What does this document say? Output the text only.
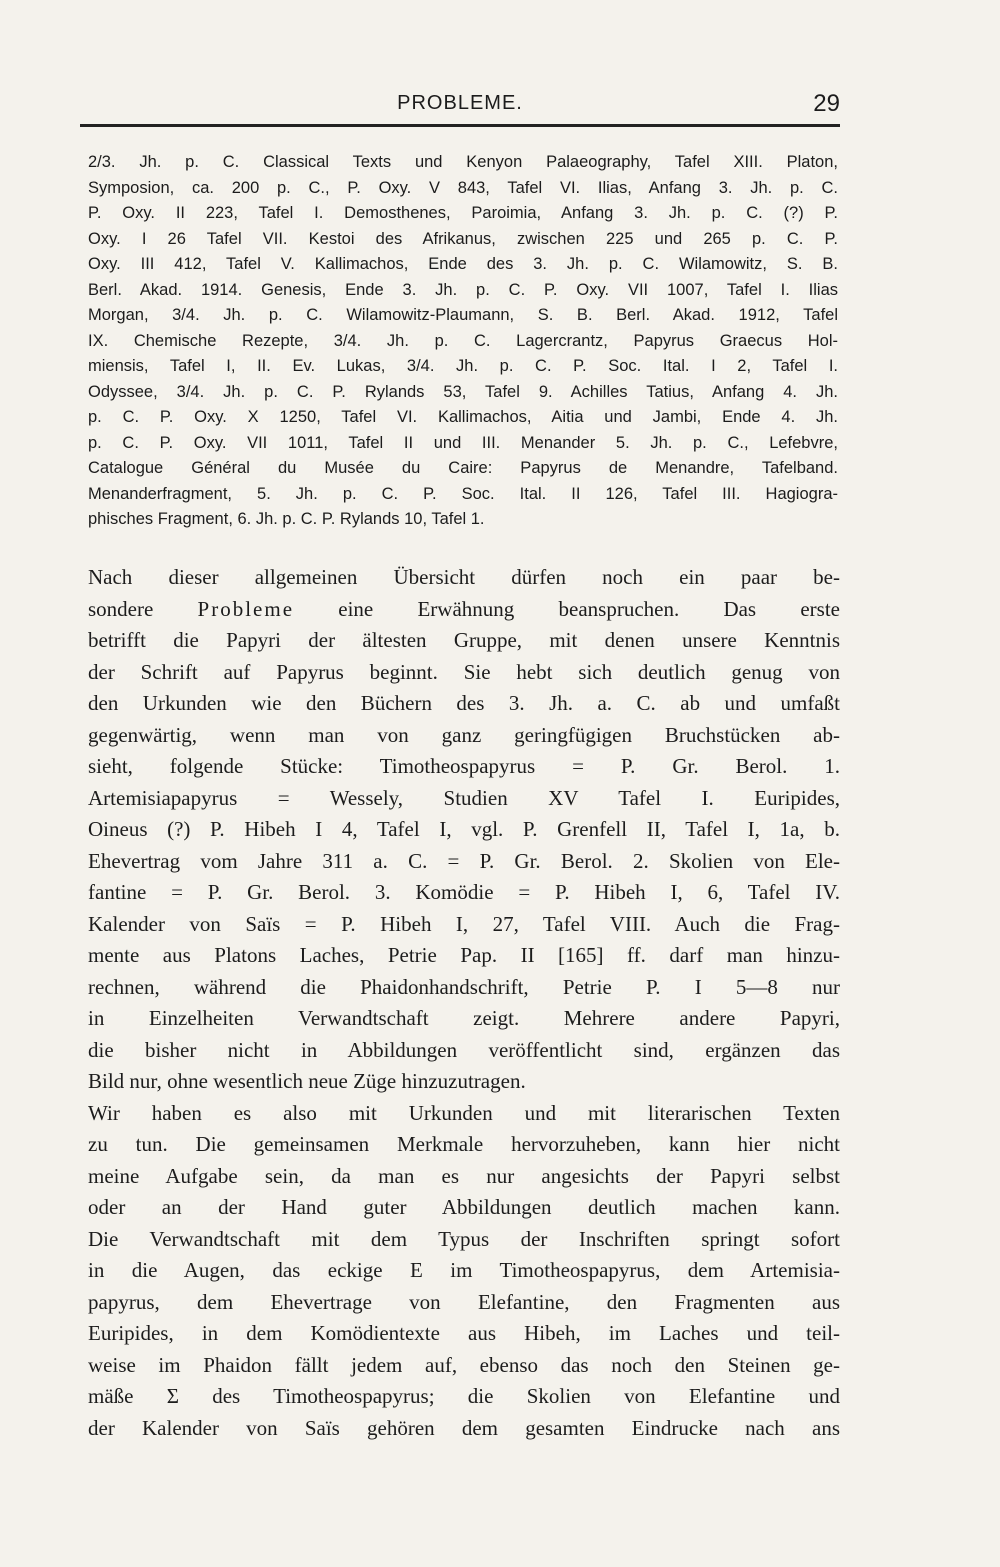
PROBLEME.	29
2/3. Jh. p. C. Classical Texts und Kenyon Palaeography, Tafel XIII. Platon,
Symposion, ca. 200 p. C., P. Oxy. V 843, Tafel VI. Ilias, Anfang 3. Jh. p. C.
P. Oxy. II 223, Tafel I. Demosthenes, Paroimia, Anfang 3. Jh. p. C. (?) P.
Oxy. I 26 Tafel VII. Kestoi des Afrikanus, zwischen 225 und 265 p. C. P.
Oxy. III 412, Tafel V. Kallimachos, Ende des 3. Jh. p. C. Wilamowitz, S. B.
Berl. Akad. 1914. Genesis, Ende 3. Jh. p. C. P. Oxy. VII 1007, Tafel I. Ilias
Morgan, 3/4. Jh. p. C. Wilamowitz-Plaumann, S. B. Berl. Akad. 1912, Tafel
IX. Chemische Rezepte, 3/4. Jh. p. C. Lagercrantz, Papyrus Graecus Hol-
miensis, Tafel I, II. Ev. Lukas, 3/4. Jh. p. C. P. Soc. Ital. I 2, Tafel I.
Odyssee, 3/4. Jh. p. C. P. Rylands 53, Tafel 9. Achilles Tatius, Anfang 4. Jh.
p. C. P. Oxy. X 1250, Tafel VI. Kallimachos, Aitia und Jambi, Ende 4. Jh.
p. C. P. Oxy. VII 1011, Tafel II und III. Menander 5. Jh. p. C., Lefebvre,
Catalogue Général du Musée du Caire: Papyrus de Menandre, Tafelband.
Menanderfragment, 5. Jh. p. C. P. Soc. Ital. II 126, Tafel III. Hagiogra-
phisches Fragment, 6. Jh. p. C. P. Rylands 10, Tafel 1.
Nach dieser allgemeinen Übersicht dürfen noch ein paar be-
sondere Probleme eine Erwähnung beanspruchen. Das erste
betrifft die Papyri der ältesten Gruppe, mit denen unsere Kenntnis
der Schrift auf Papyrus beginnt. Sie hebt sich deutlich genug von
den Urkunden wie den Büchern des 3. Jh. a. C. ab und umfaßt
gegenwärtig, wenn man von ganz geringfügigen Bruchstücken ab-
sieht, folgende Stücke: Timotheospapyrus = P. Gr. Berol. 1.
Artemisiapapyrus = Wessely, Studien XV Tafel I. Euripides,
Oineus (?) P. Hibeh I 4, Tafel I, vgl. P. Grenfell II, Tafel I, 1a, b.
Ehevertrag vom Jahre 311 a. C. = P. Gr. Berol. 2. Skolien von Ele-
fantine = P. Gr. Berol. 3. Komödie = P. Hibeh I, 6, Tafel IV.
Kalender von Saïs = P. Hibeh I, 27, Tafel VIII. Auch die Frag-
mente aus Platons Laches, Petrie Pap. II [165] ff. darf man hinzu-
rechnen, während die Phaidonhandschrift, Petrie P. I 5—8 nur
in Einzelheiten Verwandtschaft zeigt. Mehrere andere Papyri,
die bisher nicht in Abbildungen veröffentlicht sind, ergänzen das
Bild nur, ohne wesentlich neue Züge hinzuzutragen.
Wir haben es also mit Urkunden und mit literarischen Texten
zu tun. Die gemeinsamen Merkmale hervorzuheben, kann hier nicht
meine Aufgabe sein, da man es nur angesichts der Papyri selbst
oder an der Hand guter Abbildungen deutlich machen kann.
Die Verwandtschaft mit dem Typus der Inschriften springt sofort
in die Augen, das eckige E im Timotheospapyrus, dem Artemisia-
papyrus, dem Ehevertrage von Elefantine, den Fragmenten aus
Euripides, in dem Komödientexte aus Hibeh, im Laches und teil-
weise im Phaidon fällt jedem auf, ebenso das noch den Steinen ge-
mäße Σ des Timotheospapyrus; die Skolien von Elefantine und
der Kalender von Saïs gehören dem gesamten Eindrucke nach ans
